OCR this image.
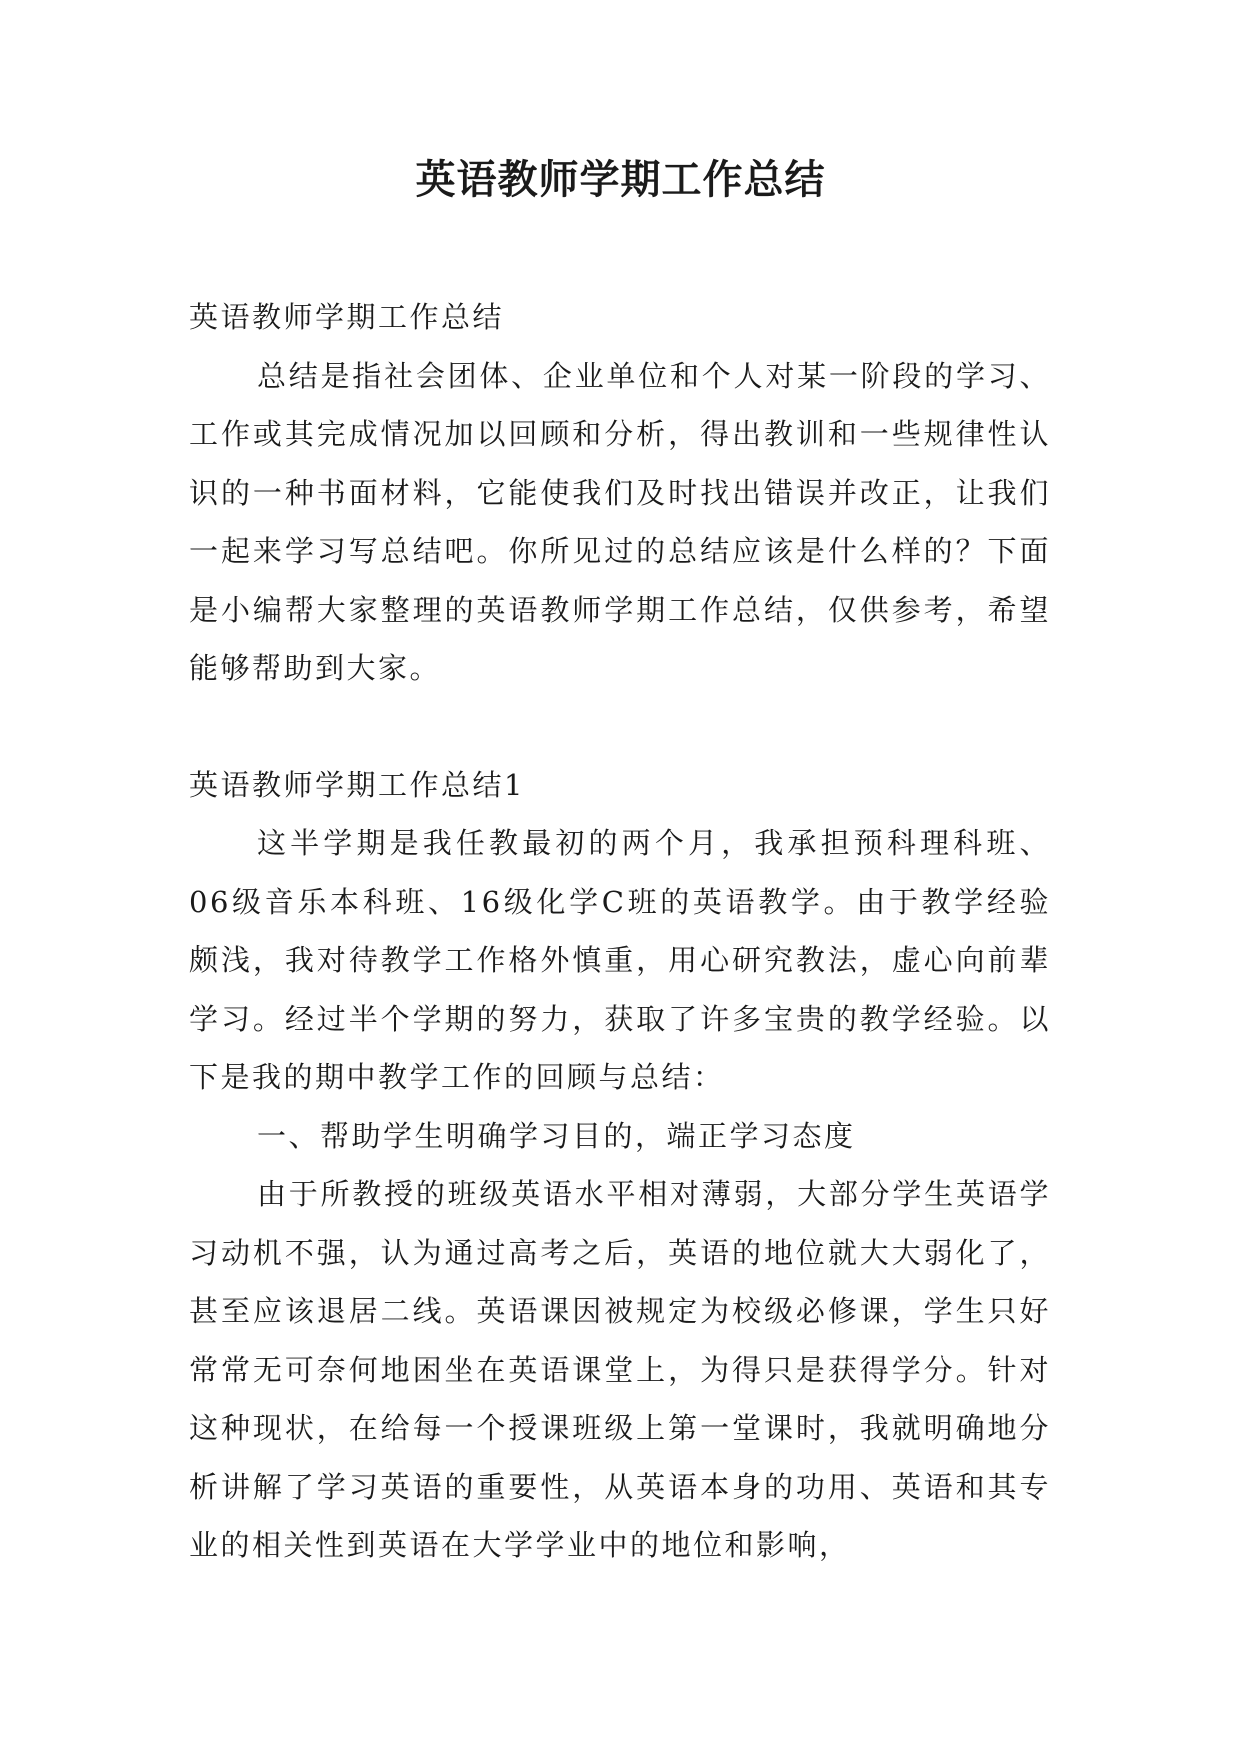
英语教师学期工作总结

英语教师学期工作总结

总结是指社会团体、企业单位和个人对某一阶段的学习、工作或其完成情况加以回顾和分析，得出教训和一些规律性认识的一种书面材料，它能使我们及时找出错误并改正，让我们一起来学习写总结吧。你所见过的总结应该是什么样的？下面是小编帮大家整理的英语教师学期工作总结，仅供参考，希望能够帮助到大家。

英语教师学期工作总结1

这半学期是我任教最初的两个月，我承担预科理科班、06级音乐本科班、16级化学C班的英语教学。由于教学经验颇浅，我对待教学工作格外慎重，用心研究教法，虚心向前辈学习。经过半个学期的努力，获取了许多宝贵的教学经验。以下是我的期中教学工作的回顾与总结：

一、帮助学生明确学习目的，端正学习态度

由于所教授的班级英语水平相对薄弱，大部分学生英语学习动机不强，认为通过高考之后，英语的地位就大大弱化了，甚至应该退居二线。英语课因被规定为校级必修课，学生只好常常无可奈何地困坐在英语课堂上，为得只是获得学分。针对这种现状，在给每一个授课班级上第一堂课时，我就明确地分析讲解了学习英语的重要性，从英语本身的功用、英语和其专业的相关性到英语在大学学业中的地位和影响，
